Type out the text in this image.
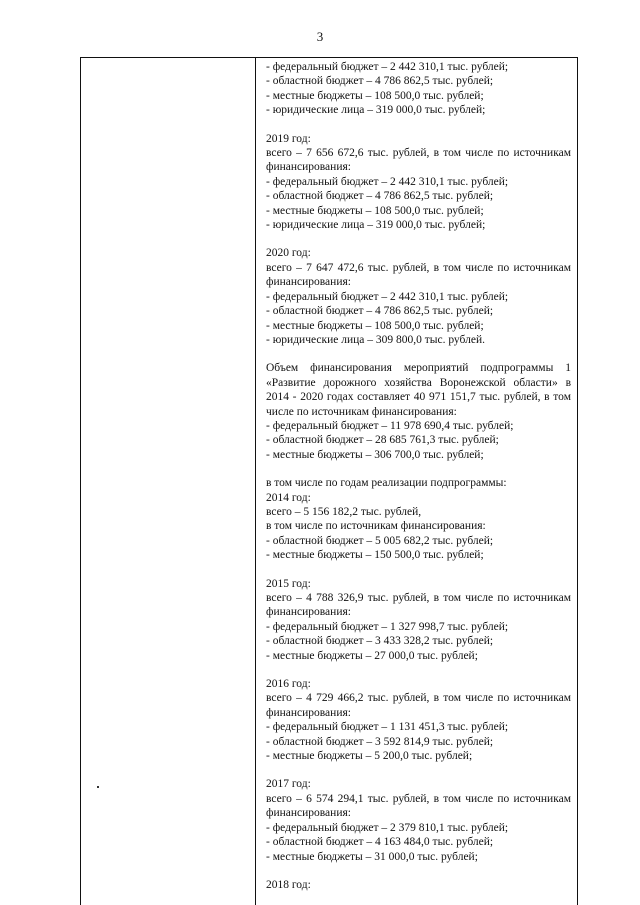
3
- федеральный бюджет – 2 442 310,1 тыс. рублей;
- областной бюджет – 4 786 862,5 тыс. рублей;
- местные бюджеты – 108 500,0 тыс. рублей;
- юридические лица – 319 000,0 тыс. рублей;
2019 год:
всего – 7 656 672,6 тыс. рублей, в том числе по источникам
финансирования:
- федеральный бюджет – 2 442 310,1 тыс. рублей;
- областной бюджет – 4 786 862,5 тыс. рублей;
- местные бюджеты – 108 500,0 тыс. рублей;
- юридические лица – 319 000,0 тыс. рублей;
2020 год:
всего – 7 647 472,6 тыс. рублей, в том числе по источникам
финансирования:
- федеральный бюджет – 2 442 310,1 тыс. рублей;
- областной бюджет – 4 786 862,5 тыс. рублей;
- местные бюджеты – 108 500,0 тыс. рублей;
- юридические лица – 309 800,0 тыс. рублей.
Объем финансирования мероприятий подпрограммы 1
«Развитие дорожного хозяйства Воронежской области» в
2014 - 2020 годах составляет 40 971 151,7 тыс. рублей, в том
числе по источникам финансирования:
- федеральный бюджет – 11 978 690,4 тыс. рублей;
- областной бюджет – 28 685 761,3 тыс. рублей;
- местные бюджеты – 306 700,0 тыс. рублей;
в том числе по годам реализации подпрограммы:
2014 год:
всего – 5 156 182,2 тыс. рублей,
в том числе по источникам финансирования:
- областной бюджет – 5 005 682,2 тыс. рублей;
- местные бюджеты – 150 500,0 тыс. рублей;
2015 год:
всего – 4 788 326,9 тыс. рублей, в том числе по источникам
финансирования:
- федеральный бюджет – 1 327 998,7 тыс. рублей;
- областной бюджет – 3 433 328,2 тыс. рублей;
- местные бюджеты – 27 000,0 тыс. рублей;
2016 год:
всего – 4 729 466,2 тыс. рублей, в том числе по источникам
финансирования:
- федеральный бюджет – 1 131 451,3 тыс. рублей;
- областной бюджет – 3 592 814,9 тыс. рублей;
- местные бюджеты – 5 200,0 тыс. рублей;
2017 год:
всего – 6 574 294,1 тыс. рублей, в том числе по источникам
финансирования:
- федеральный бюджет – 2 379 810,1 тыс. рублей;
- областной бюджет – 4 163 484,0 тыс. рублей;
- местные бюджеты – 31 000,0 тыс. рублей;
2018 год:
